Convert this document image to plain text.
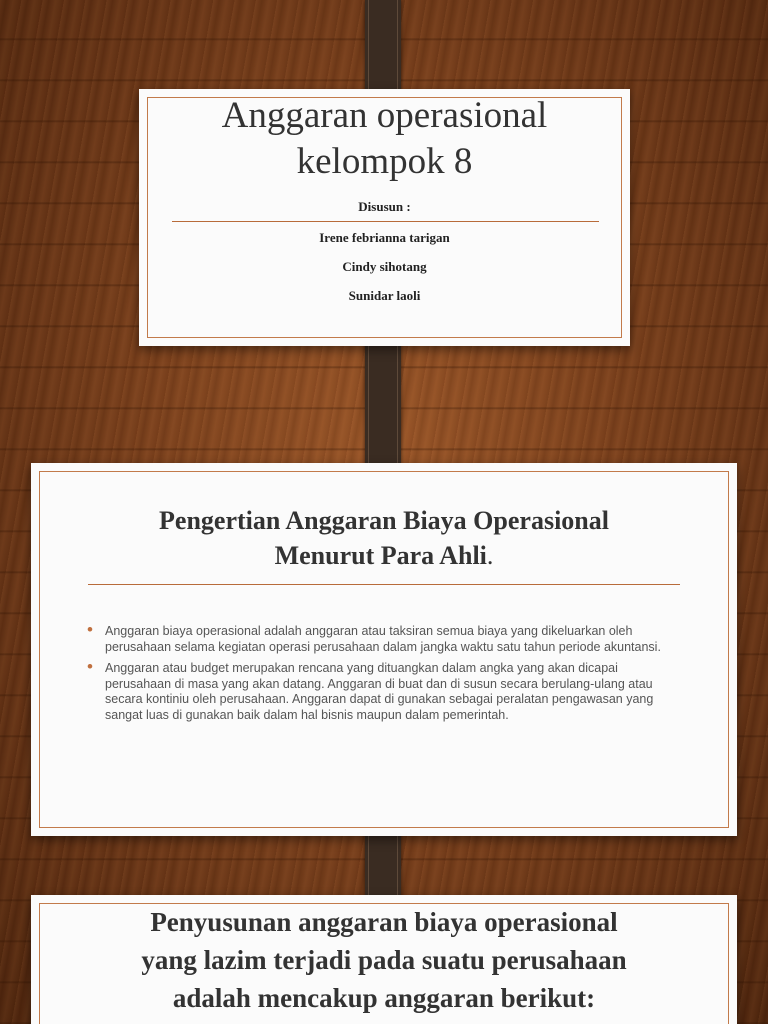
Anggaran operasional
kelompok 8
Disusun :
Irene febrianna tarigan
Cindy sihotang
Sunidar laoli
Pengertian Anggaran Biaya Operasional
Menurut Para Ahli.
• Anggaran biaya operasional adalah anggaran atau taksiran semua biaya yang dikeluarkan oleh perusahaan selama kegiatan operasi perusahaan dalam jangka waktu satu tahun periode akuntansi.
• Anggaran atau budget merupakan rencana yang dituangkan dalam angka yang akan dicapai perusahaan di masa yang akan datang. Anggaran di buat dan di susun secara berulang-ulang atau secara kontiniu oleh perusahaan. Anggaran dapat di gunakan sebagai peralatan pengawasan yang sangat luas di gunakan baik dalam hal bisnis maupun dalam pemerintah.
Penyusunan anggaran biaya operasional
yang lazim terjadi pada suatu perusahaan
adalah mencakup anggaran berikut:
